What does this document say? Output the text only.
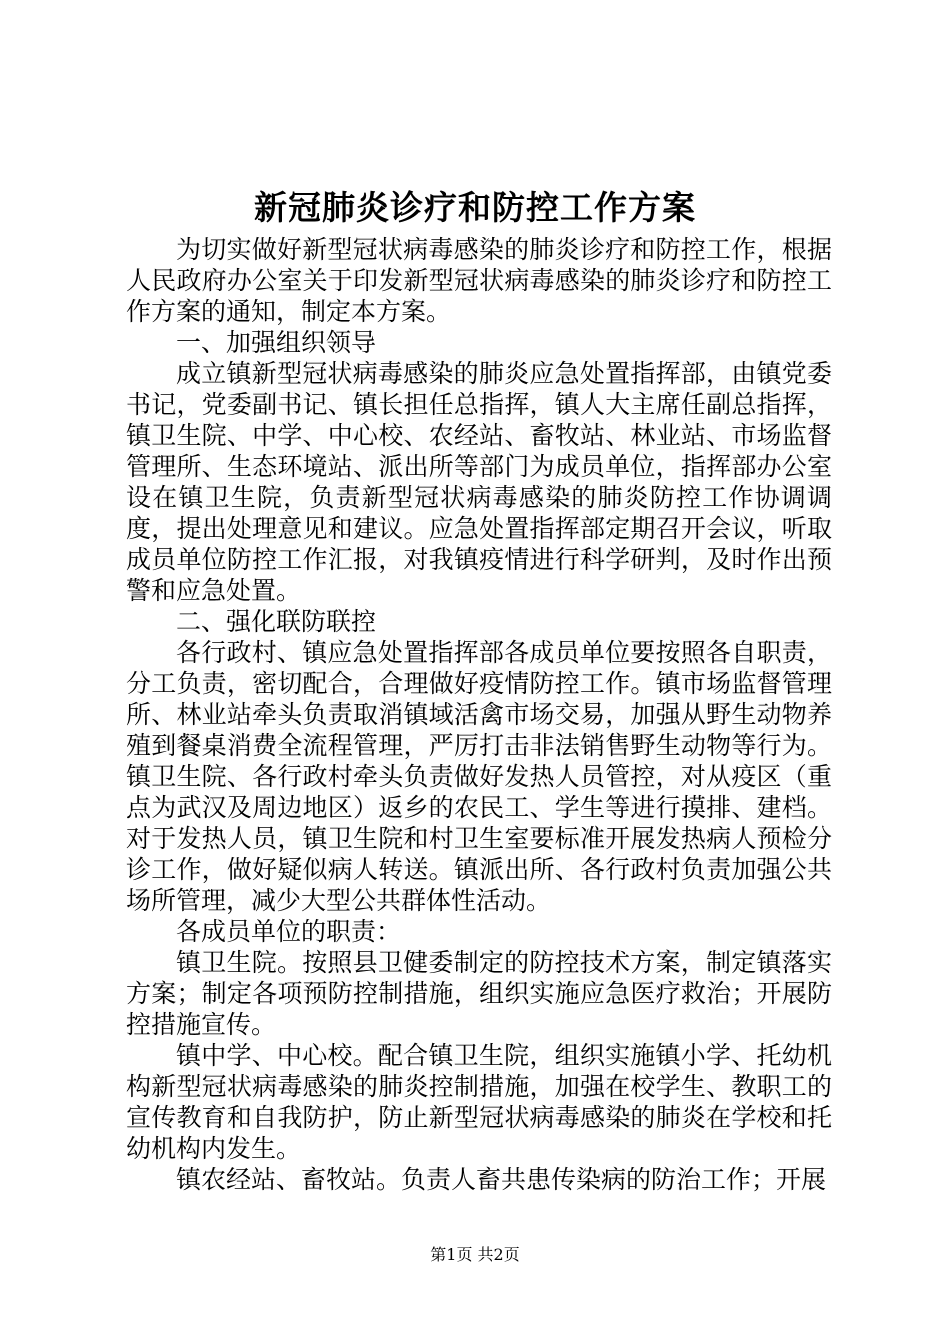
新冠肺炎诊疗和防控工作方案

为切实做好新型冠状病毒感染的肺炎诊疗和防控工作，根据人民政府办公室关于印发新型冠状病毒感染的肺炎诊疗和防控工作方案的通知，制定本方案。

一、加强组织领导

成立镇新型冠状病毒感染的肺炎应急处置指挥部，由镇党委书记，党委副书记、镇长担任总指挥，镇人大主席任副总指挥，镇卫生院、中学、中心校、农经站、畜牧站、林业站、市场监督管理所、生态环境站、派出所等部门为成员单位，指挥部办公室设在镇卫生院，负责新型冠状病毒感染的肺炎防控工作协调调度，提出处理意见和建议。应急处置指挥部定期召开会议，听取成员单位防控工作汇报，对我镇疫情进行科学研判，及时作出预警和应急处置。

二、强化联防联控

各行政村、镇应急处置指挥部各成员单位要按照各自职责，分工负责，密切配合，合理做好疫情防控工作。镇市场监督管理所、林业站牵头负责取消镇域活禽市场交易，加强从野生动物养殖到餐桌消费全流程管理，严厉打击非法销售野生动物等行为。镇卫生院、各行政村牵头负责做好发热人员管控，对从疫区（重点为武汉及周边地区）返乡的农民工、学生等进行摸排、建档。对于发热人员，镇卫生院和村卫生室要标准开展发热病人预检分诊工作，做好疑似病人转送。镇派出所、各行政村负责加强公共场所管理，减少大型公共群体性活动。

各成员单位的职责：

镇卫生院。按照县卫健委制定的防控技术方案，制定镇落实方案；制定各项预防控制措施，组织实施应急医疗救治；开展防控措施宣传。

镇中学、中心校。配合镇卫生院，组织实施镇小学、托幼机构新型冠状病毒感染的肺炎控制措施，加强在校学生、教职工的宣传教育和自我防护，防止新型冠状病毒感染的肺炎在学校和托幼机构内发生。

镇农经站、畜牧站。负责人畜共患传染病的防治工作；开展

第1页 共2页
